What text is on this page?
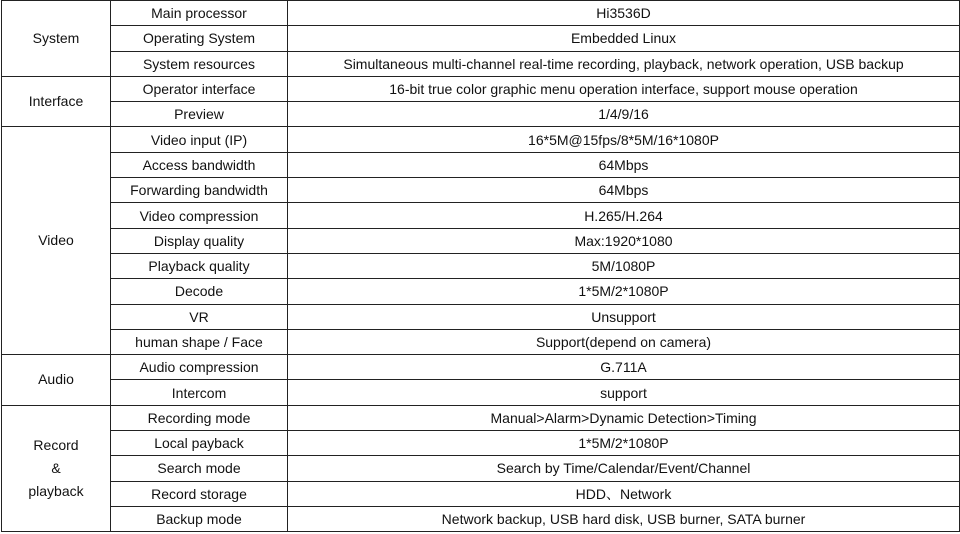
System	Main processor	Hi3536D
	Operating System	Embedded Linux
	System resources	Simultaneous multi-channel real-time recording, playback, network operation, USB backup

Interface	Operator interface	16-bit true color graphic menu operation interface, support mouse operation
	Preview	1/4/9/16

Video	Video input (IP)	16*5M@15fps/8*5M/16*1080P
	Access bandwidth	64Mbps
	Forwarding bandwidth	64Mbps
	Video compression	H.265/H.264
	Display quality	Max:1920*1080
	Playback quality	5M/1080P
	Decode	1*5M/2*1080P
	VR	Unsupport
	human shape / Face	Support(depend on camera)

Audio	Audio compression	G.711A
	Intercom	support

Record
&
playback	Recording mode	Manual>Alarm>Dynamic Detection>Timing
	Local payback	1*5M/2*1080P
	Search mode	Search by Time/Calendar/Event/Channel
	Record storage	HDD、Network
	Backup mode	Network backup, USB hard disk, USB burner, SATA burner
